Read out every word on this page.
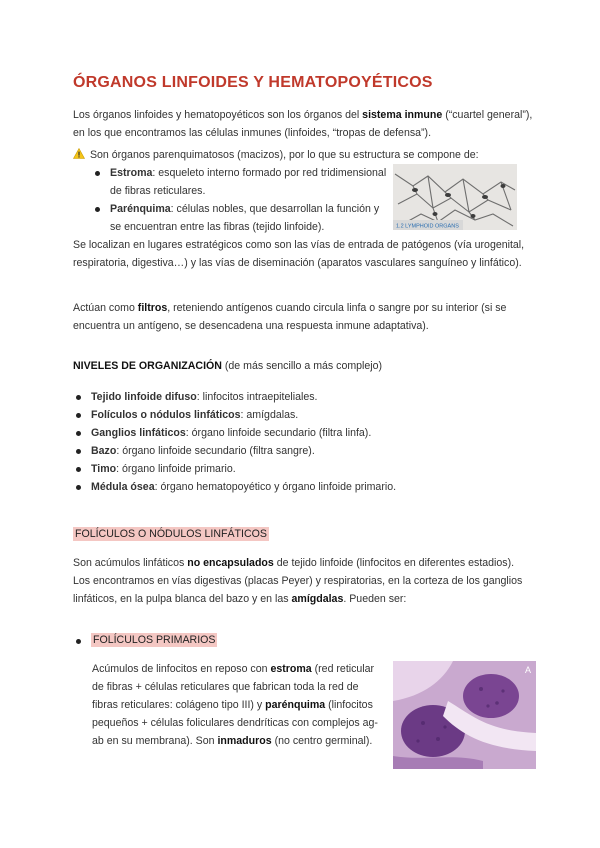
ÓRGANOS LINFOIDES Y HEMATOPOYÉTICOS

Los órganos linfoides y hematopoyéticos son los órganos del sistema inmune (“cuartel general”), en los que encontramos las células inmunes (linfoides, “tropas de defensa”).

Son órganos parenquimatosos (macizos), por lo que su estructura se compone de:
Estroma: esqueleto interno formado por red tridimensional de fibras reticulares.
Parénquima: células nobles, que desarrollan la función y se encuentran entre las fibras (tejido linfoide).	1.2 LYMPHOID ORGANS

Se localizan en lugares estratégicos como son las vías de entrada de patógenos (vía urogenital, respiratoria, digestiva…) y las vías de diseminación (aparatos vasculares sanguíneo y linfático).

Actúan como filtros, reteniendo antígenos cuando circula linfa o sangre por su interior (si se encuentra un antígeno, se desencadena una respuesta inmune adaptativa).

NIVELES DE ORGANIZACIÓN (de más sencillo a más complejo)
Tejido linfoide difuso: linfocitos intraepiteliales.
Folículos o nódulos linfáticos: amígdalas.
Ganglios linfáticos: órgano linfoide secundario (filtra linfa).
Bazo: órgano linfoide secundario (filtra sangre).
Timo: órgano linfoide primario.
Médula ósea: órgano hematopoyético y órgano linfoide primario.
FOLÍCULOS O NÓDULOS LINFÁTICOS

Son acúmulos linfáticos no encapsulados de tejido linfoide (linfocitos en diferentes estadios). Los encontramos en vías digestivas (placas Peyer) y respiratorias, en la corteza de los ganglios linfáticos, en la pulpa blanca del bazo y en las amígdalas. Pueden ser:

FOLÍCULOS PRIMARIOS

Acúmulos de linfocitos en reposo con estroma (red reticular de fibras + células reticulares que fabrican toda la red de fibras reticulares: colágeno tipo III) y parénquima (linfocitos pequeños + células foliculares dendríticas con complejos ag-ab en su membrana). Son inmaduros (no centro germinal).

A
